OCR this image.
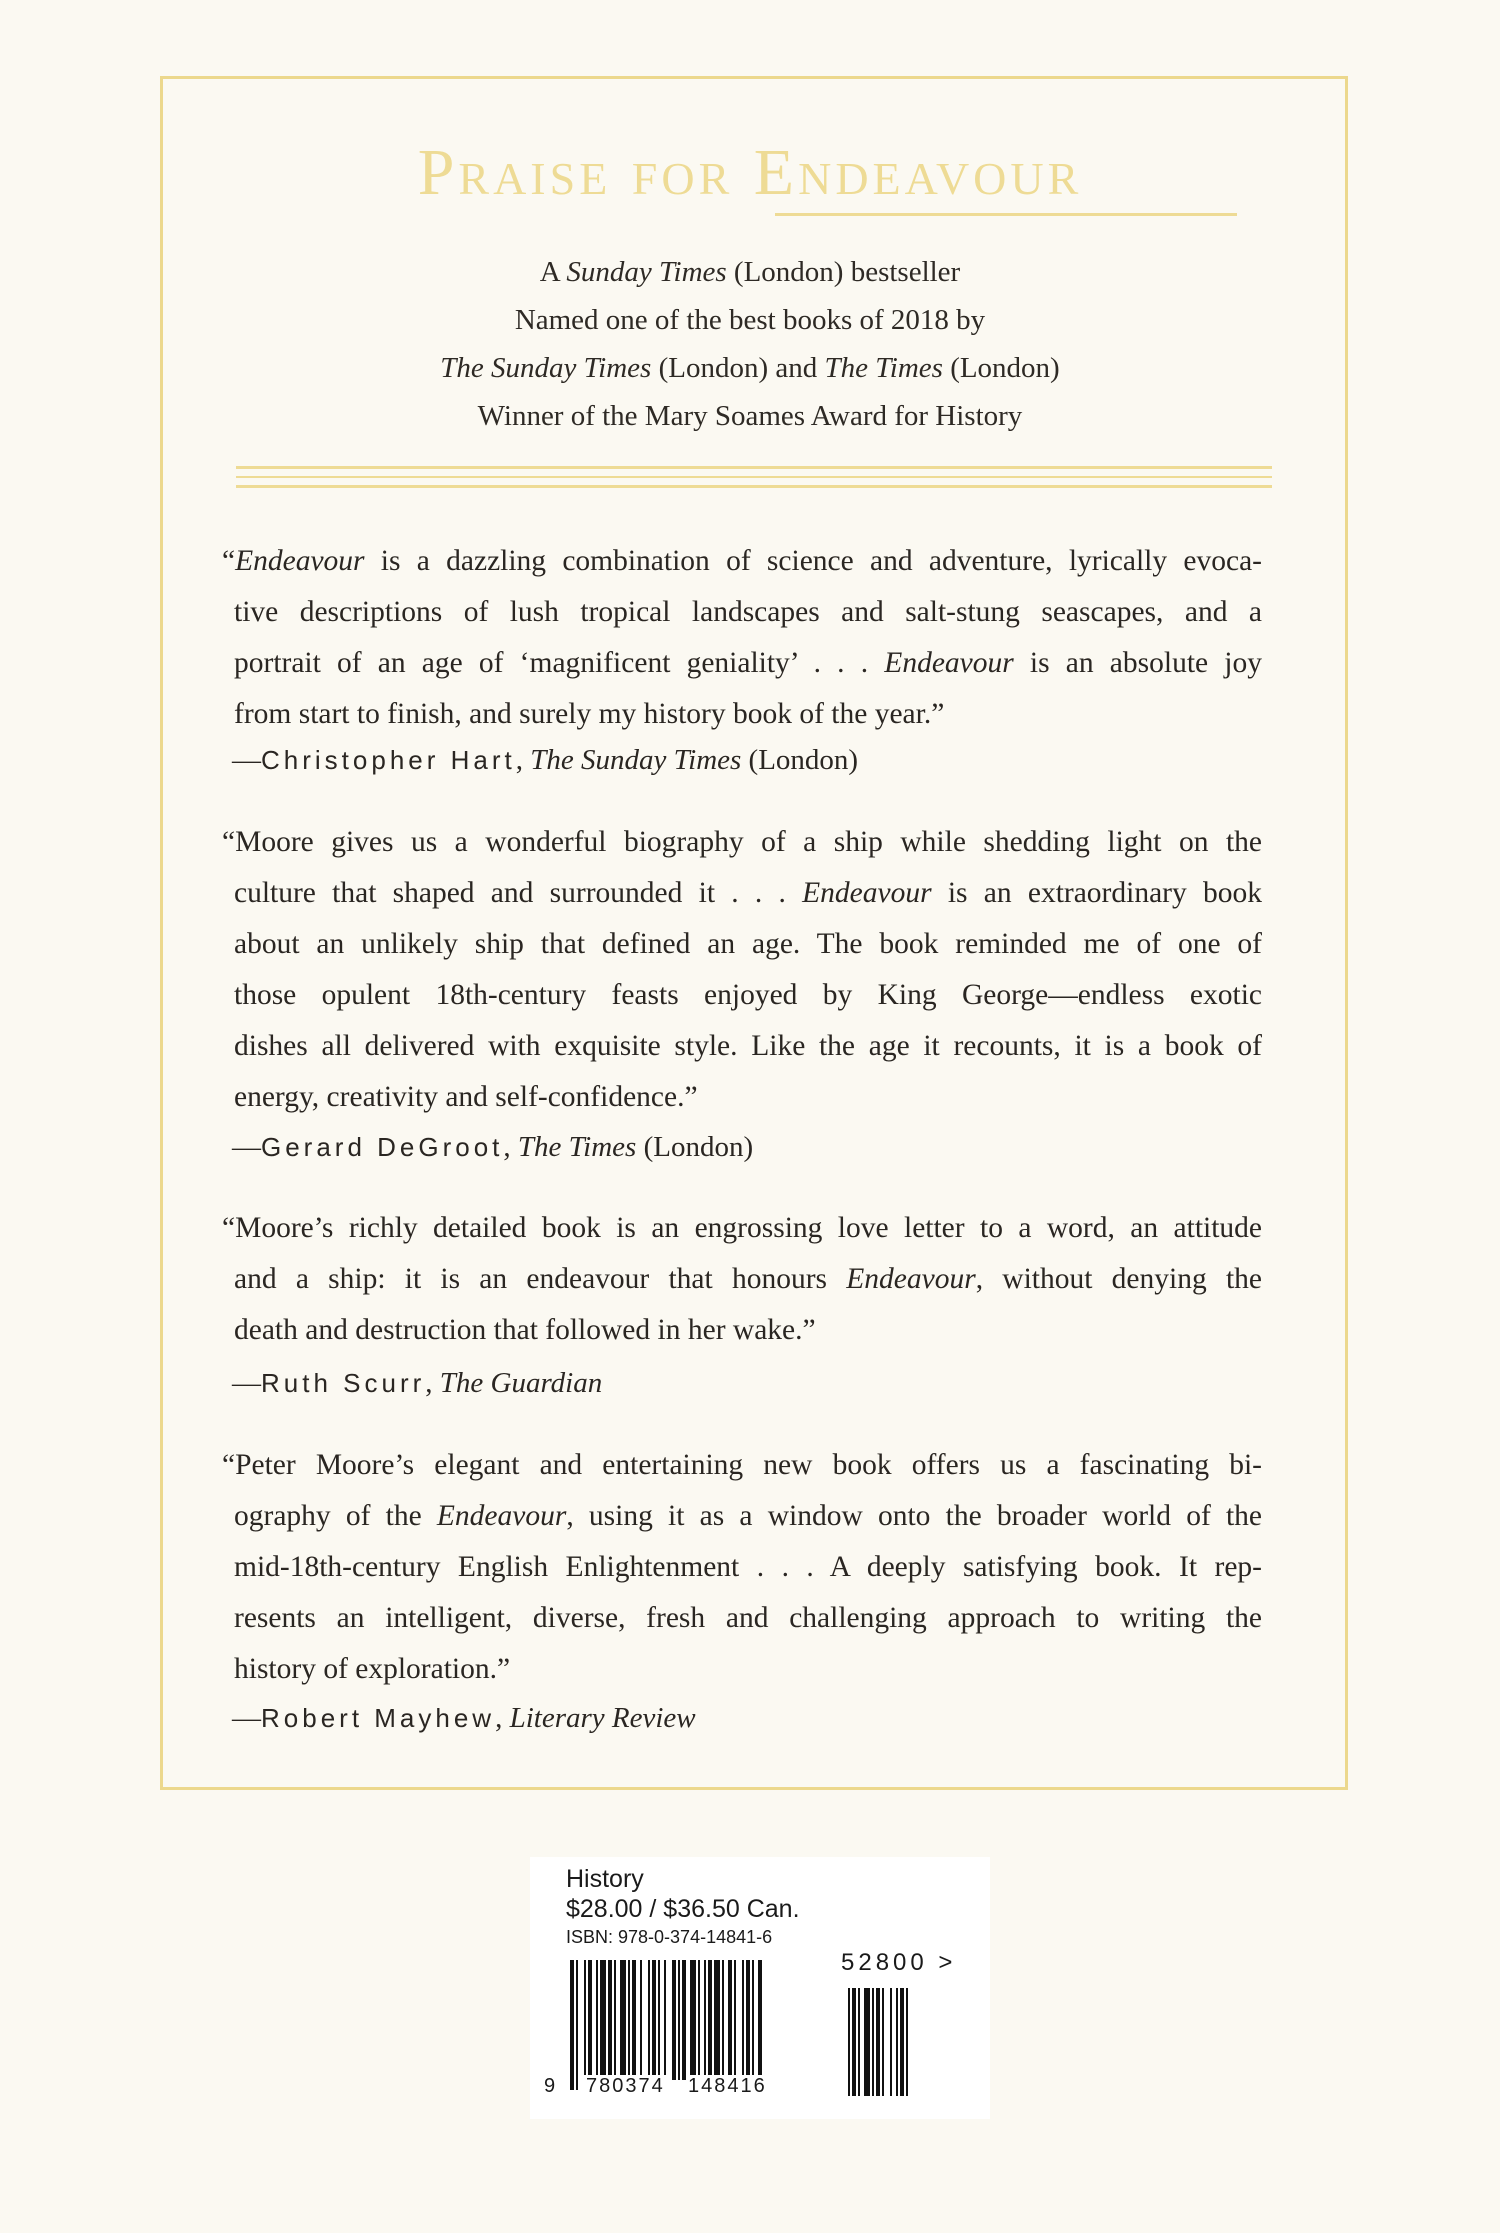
Praise for Endeavour
A Sunday Times (London) bestseller
Named one of the best books of 2018 by
The Sunday Times (London) and The Times (London)
Winner of the Mary Soames Award for History
“Endeavour is a dazzling combination of science and adventure, lyrically evoca-
tive descriptions of lush tropical landscapes and salt-stung seascapes, and a
portrait of an age of ‘magnificent geniality’ . . . Endeavour is an absolute joy
from start to finish, and surely my history book of the year.”
—Christopher Hart, The Sunday Times (London)
“Moore gives us a wonderful biography of a ship while shedding light on the
culture that shaped and surrounded it . . . Endeavour is an extraordinary book
about an unlikely ship that defined an age. The book reminded me of one of
those opulent 18th-century feasts enjoyed by King George—endless exotic
dishes all delivered with exquisite style. Like the age it recounts, it is a book of
energy, creativity and self-confidence.”
—Gerard DeGroot, The Times (London)
“Moore’s richly detailed book is an engrossing love letter to a word, an attitude
and a ship: it is an endeavour that honours Endeavour, without denying the
death and destruction that followed in her wake.”
—Ruth Scurr, The Guardian
“Peter Moore’s elegant and entertaining new book offers us a fascinating bi-
ography of the Endeavour, using it as a window onto the broader world of the
mid-18th-century English Enlightenment . . . A deeply satisfying book. It rep-
resents an intelligent, diverse, fresh and challenging approach to writing the
history of exploration.”
—Robert Mayhew, Literary Review
History
$28.00 / $36.50 Can.
ISBN: 978-0-374-14841-6
52800 >
9 780374 148416
